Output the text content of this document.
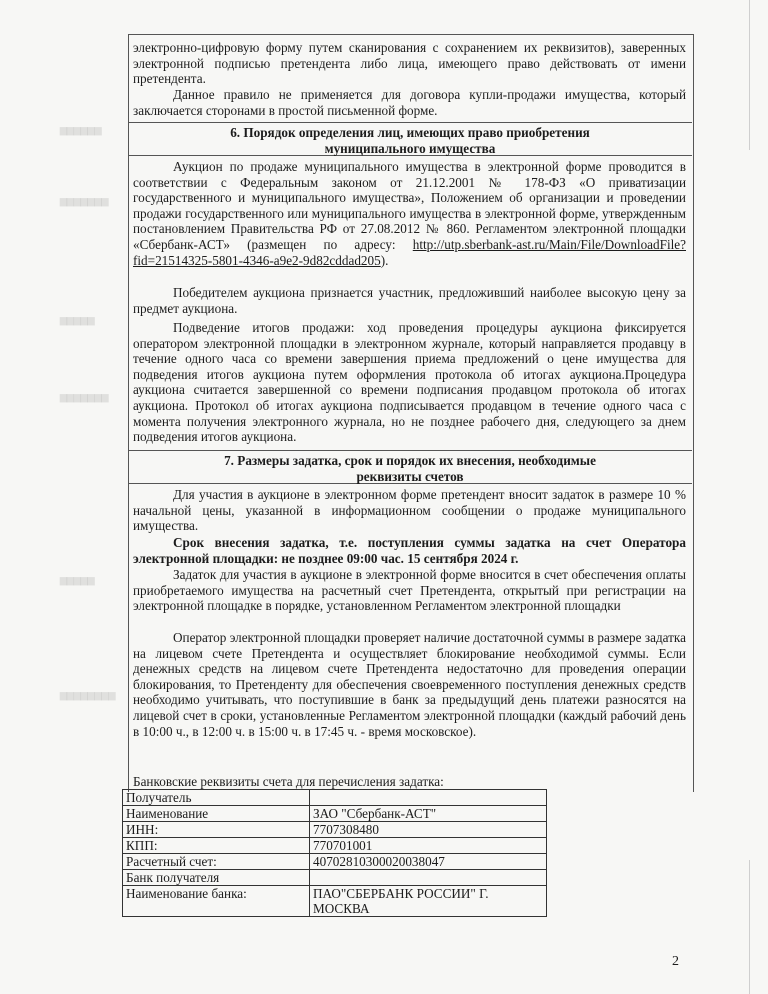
▆▆▆▆▆▆
▆▆▆▆▆▆▆
▆▆▆▆▆
▆▆▆▆▆▆▆
▆▆▆▆▆
▆▆▆▆▆▆▆▆

электронно-цифровую форму путем сканирования с сохранением их реквизитов), заверенных электронной подписью претендента либо лица, имеющего право действовать от имени претендента.

Данное правило не применяется для договора купли-продажи имущества, который заключается сторонами в простой письменной форме.

6. Порядок определения лиц, имеющих право приобретения муниципального имущества

Аукцион по продаже муниципального имущества в электронной форме проводится в соответствии с Федеральным законом от 21.12.2001 № 178-ФЗ «О приватизации государственного и муниципального имущества», Положением об организации и проведении продажи государственного или муниципального имущества в электронной форме, утвержденным постановлением Правительства РФ от 27.08.2012 № 860. Регламентом электронной площадки «Сбербанк-АСТ» (размещен по адресу: http://utp.sberbank-ast.ru/Main/File/DownloadFile?fid=21514325-5801-4346-a9e2-9d82cddad205).

Победителем аукциона признается участник, предложивший наиболее высокую цену за предмет аукциона.

Подведение итогов продажи: ход проведения процедуры аукциона фиксируется оператором электронной площадки в электронном журнале, который направляется продавцу в течение одного часа со времени завершения приема предложений о цене имущества для подведения итогов аукциона путем оформления протокола об итогах аукциона.Процедура аукциона считается завершенной со времени подписания продавцом протокола об итогах аукциона. Протокол об итогах аукциона подписывается продавцом в течение одного часа с момента получения электронного журнала, но не позднее рабочего дня, следующего за днем подведения итогов аукциона.

7. Размеры задатка, срок и порядок их внесения, необходимые реквизиты счетов

Для участия в аукционе в электронном форме претендент вносит задаток в размере 10 % начальной цены, указанной в информационном сообщении о продаже муниципального имущества.

Срок внесения задатка, т.е. поступления суммы задатка на счет Оператора электронной площадки: не позднее 09:00 час. 15 сентября 2024 г.

Задаток для участия в аукционе в электронной форме вносится в счет обеспечения оплаты приобретаемого имущества на расчетный счет Претендента, открытый при регистрации на электронной площадке в порядке, установленном Регламентом электронной площадки

Оператор электронной площадки проверяет наличие достаточной суммы в размере задатка на лицевом счете Претендента и осуществляет блокирование необходимой суммы. Если денежных средств на лицевом счете Претендента недостаточно для проведения операции блокирования, то Претенденту для обеспечения своевременного поступления денежных средств необходимо учитывать, что поступившие в банк за предыдущий день платежи разносятся на лицевой счет в сроки, установленные Регламентом электронной площадки (каждый рабочий день в 10:00 ч., в 12:00 ч. в 15:00 ч. в 17:45 ч. - время московское).

Банковские реквизиты счета для перечисления задатка:
Получатель	
Наименование	ЗАО "Сбербанк-АСТ"
ИНН:	7707308480
КПП:	770701001
Расчетный счет:	40702810300020038047
Банк получателя	
Наименование банка:	ПАО"СБЕРБАНК РОССИИ" Г. МОСКВА
2
